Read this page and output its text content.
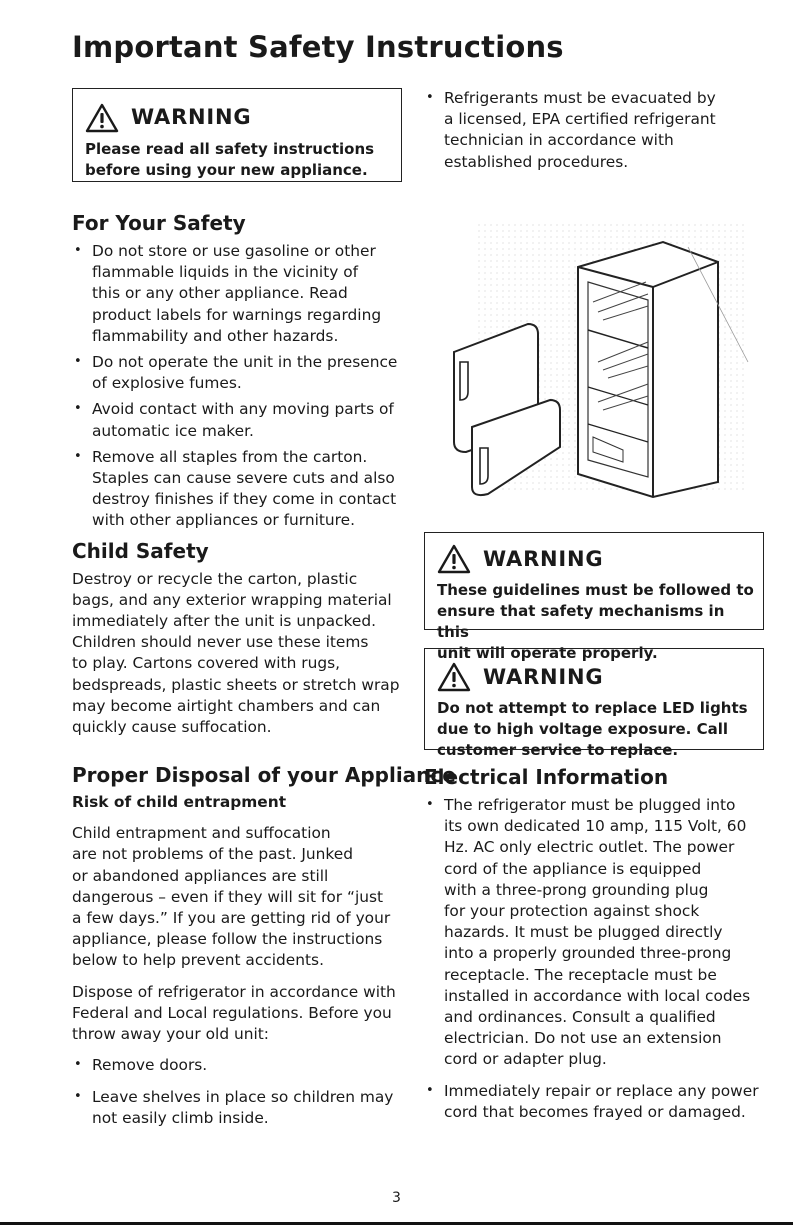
Important Safety Instructions
WARNING
Please read all safety instructions
before using your new appliance.
For Your Safety
• Do not store or use gasoline or other
flammable liquids in the vicinity of
this or any other appliance. Read
product labels for warnings regarding
flammability and other hazards.
• Do not operate the unit in the presence
of explosive fumes.
• Avoid contact with any moving parts of
automatic ice maker.
• Remove all staples from the carton.
Staples can cause severe cuts and also
destroy finishes if they come in contact
with other appliances or furniture.
Child Safety
Destroy or recycle the carton, plastic
bags, and any exterior wrapping material
immediately after the unit is unpacked.
Children should never use these items
to play. Cartons covered with rugs,
bedspreads, plastic sheets or stretch wrap
may become airtight chambers and can
quickly cause suffocation.
Proper Disposal of your Appliance
Risk of child entrapment
Child entrapment and suffocation
are not problems of the past. Junked
or abandoned appliances are still
dangerous – even if they will sit for “just
a few days.” If you are getting rid of your
appliance, please follow the instructions
below to help prevent accidents.
Dispose of refrigerator in accordance with
Federal and Local regulations. Before you
throw away your old unit:
• Remove doors.
• Leave shelves in place so children may
not easily climb inside.
• Refrigerants must be evacuated by
a licensed, EPA certified refrigerant
technician in accordance with
established procedures.
WARNING
These guidelines must be followed to
ensure that safety mechanisms in this
unit will operate properly.
WARNING
Do not attempt to replace LED lights
due to high voltage exposure. Call
customer service to replace.
Electrical Information
• The refrigerator must be plugged into
its own dedicated 10 amp, 115 Volt, 60
Hz. AC only electric outlet. The power
cord of the appliance is equipped
with a three-prong grounding plug
for your protection against shock
hazards. It must be plugged directly
into a properly grounded three-prong
receptacle. The receptacle must be
installed in accordance with local codes
and ordinances. Consult a qualified
electrician. Do not use an extension
cord or adapter plug.
• Immediately repair or replace any power
cord that becomes frayed or damaged.
3
